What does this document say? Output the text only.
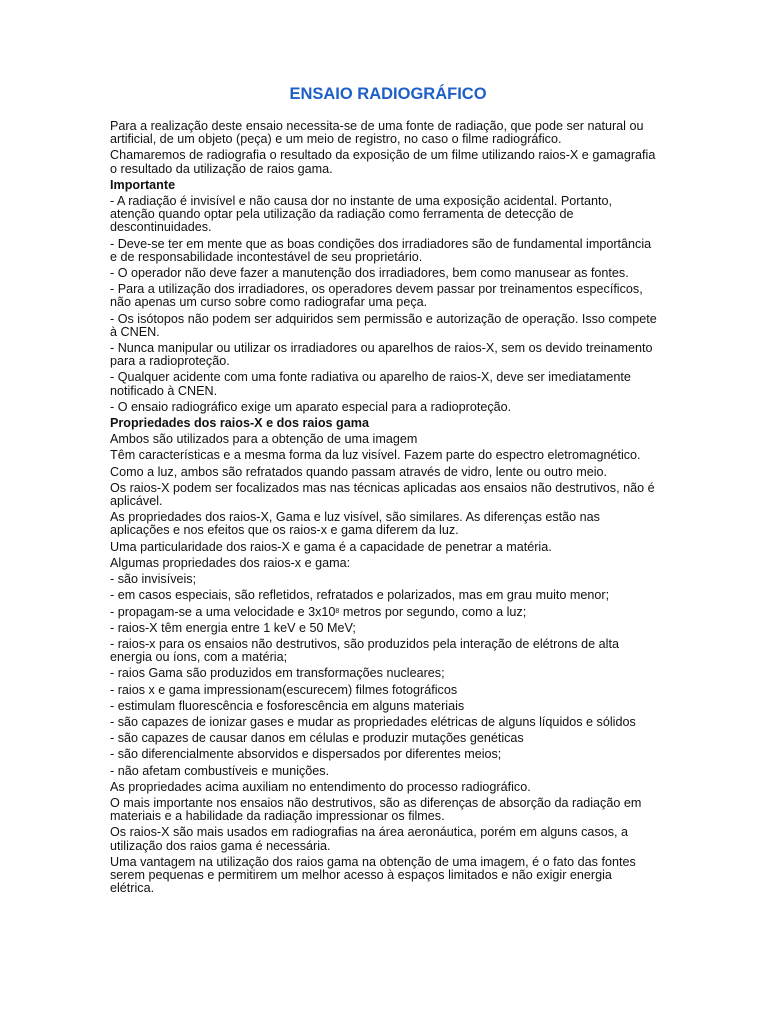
ENSAIO RADIOGRÁFICO

Para a realização deste ensaio necessita-se de uma fonte de radiação, que pode ser natural ou artificial, de um objeto (peça) e um meio de registro, no caso o filme radiográfico.

Chamaremos de radiografia o resultado da exposição de um filme utilizando raios-X e gamagrafia o resultado da utilização de raios gama.

Importante

- A radiação é invisível e não causa dor no instante de uma exposição acidental. Portanto, atenção quando optar pela utilização da radiação como ferramenta de detecção de descontinuidades.

- Deve-se ter em mente que as boas condições dos irradiadores são de fundamental importância e de responsabilidade incontestável de seu proprietário.

- O operador não deve fazer a manutenção dos irradiadores, bem como manusear as fontes.

- Para a utilização dos irradiadores, os operadores devem passar por treinamentos específicos, não apenas um curso sobre como radiografar uma peça.

- Os isótopos não podem ser adquiridos sem permissão e autorização de operação. Isso compete à CNEN.

- Nunca manipular ou utilizar os irradiadores ou aparelhos de raios-X, sem os devido treinamento para a radioproteção.

- Qualquer acidente com uma fonte radiativa ou aparelho de raios-X, deve ser imediatamente notificado à CNEN.

- O ensaio radiográfico exige um aparato especial para a radioproteção.

Propriedades dos raios-X e dos raios gama

Ambos são utilizados para a obtenção de uma imagem

Têm características e a mesma forma da luz visível. Fazem parte do espectro eletromagnético.

Como a luz, ambos são refratados quando passam através de vidro, lente ou outro meio.

Os raios-X podem ser focalizados mas nas técnicas aplicadas aos ensaios não destrutivos, não é aplicável.

As propriedades dos raios-X, Gama e luz visível, são similares. As diferenças estão nas aplicações e nos efeitos que os raios-x e gama diferem da luz.

Uma particularidade dos raios-X e gama é a capacidade de penetrar a matéria.

Algumas propriedades dos raios-x e gama:

- são invisíveis;

- em casos especiais, são refletidos, refratados e polarizados, mas em grau muito menor;

- propagam-se a uma velocidade e $3x10^8$ metros por segundo, como a luz;

- raios-X têm energia entre 1 keV e 50 MeV;

- raios-x para os ensaios não destrutivos, são produzidos pela interação de elétrons de alta energia ou íons, com a matéria;

- raios Gama são produzidos em transformações nucleares;

- raios x e gama impressionam(escurecem) filmes fotográficos

- estimulam fluorescência e fosforescência em alguns materiais

- são capazes de ionizar gases e mudar as propriedades elétricas de alguns líquidos e sólidos

- são capazes de causar danos em células e produzir mutações genéticas

- são diferencialmente absorvidos e dispersados por diferentes meios;

- não afetam combustíveis e munições.

As propriedades acima auxiliam no entendimento do processo radiográfico.

O mais importante nos ensaios não destrutivos, são as diferenças de absorção da radiação em materiais e a habilidade da radiação impressionar os filmes.

Os raios-X são mais usados em radiografias na área aeronáutica, porém em alguns casos, a utilização dos raios gama é necessária.

Uma vantagem na utilização dos raios gama na obtenção de uma imagem, é o fato das fontes serem pequenas e permitirem um melhor acesso à espaços limitados e não exigir energia elétrica.
